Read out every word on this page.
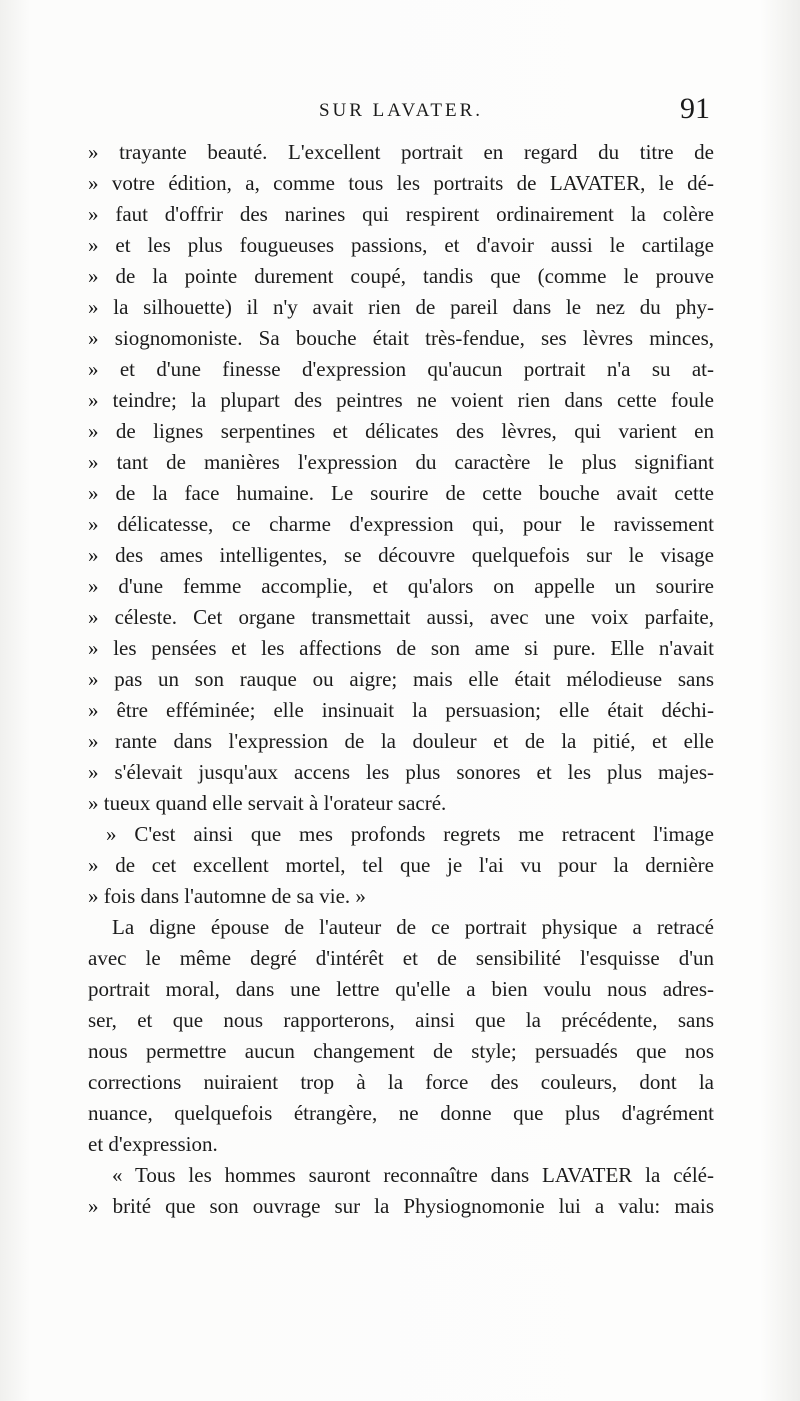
SUR LAVATER.	91
» trayante beauté. L'excellent portrait en regard du titre de
» votre édition, a, comme tous les portraits de LAVATER, le dé-
» faut d'offrir des narines qui respirent ordinairement la colère
» et les plus fougueuses passions, et d'avoir aussi le cartilage
» de la pointe durement coupé, tandis que (comme le prouve
» la silhouette) il n'y avait rien de pareil dans le nez du phy-
» siognomoniste. Sa bouche était très-fendue, ses lèvres minces,
» et d'une finesse d'expression qu'aucun portrait n'a su at-
» teindre; la plupart des peintres ne voient rien dans cette foule
» de lignes serpentines et délicates des lèvres, qui varient en
» tant de manières l'expression du caractère le plus signifiant
» de la face humaine. Le sourire de cette bouche avait cette
» délicatesse, ce charme d'expression qui, pour le ravissement
» des ames intelligentes, se découvre quelquefois sur le visage
» d'une femme accomplie, et qu'alors on appelle un sourire
» céleste. Cet organe transmettait aussi, avec une voix parfaite,
» les pensées et les affections de son ame si pure. Elle n'avait
» pas un son rauque ou aigre; mais elle était mélodieuse sans
» être efféminée; elle insinuait la persuasion; elle était déchi-
» rante dans l'expression de la douleur et de la pitié, et elle
» s'élevait jusqu'aux accens les plus sonores et les plus majes-
» tueux quand elle servait à l'orateur sacré.
» C'est ainsi que mes profonds regrets me retracent l'image
» de cet excellent mortel, tel que je l'ai vu pour la dernière
» fois dans l'automne de sa vie. »
La digne épouse de l'auteur de ce portrait physique a retracé
avec le même degré d'intérêt et de sensibilité l'esquisse d'un
portrait moral, dans une lettre qu'elle a bien voulu nous adres-
ser, et que nous rapporterons, ainsi que la précédente, sans
nous permettre aucun changement de style; persuadés que nos
corrections nuiraient trop à la force des couleurs, dont la
nuance, quelquefois étrangère, ne donne que plus d'agrément
et d'expression.
« Tous les hommes sauront reconnaître dans LAVATER la célé-
» brité que son ouvrage sur la Physiognomonie lui a valu: mais
